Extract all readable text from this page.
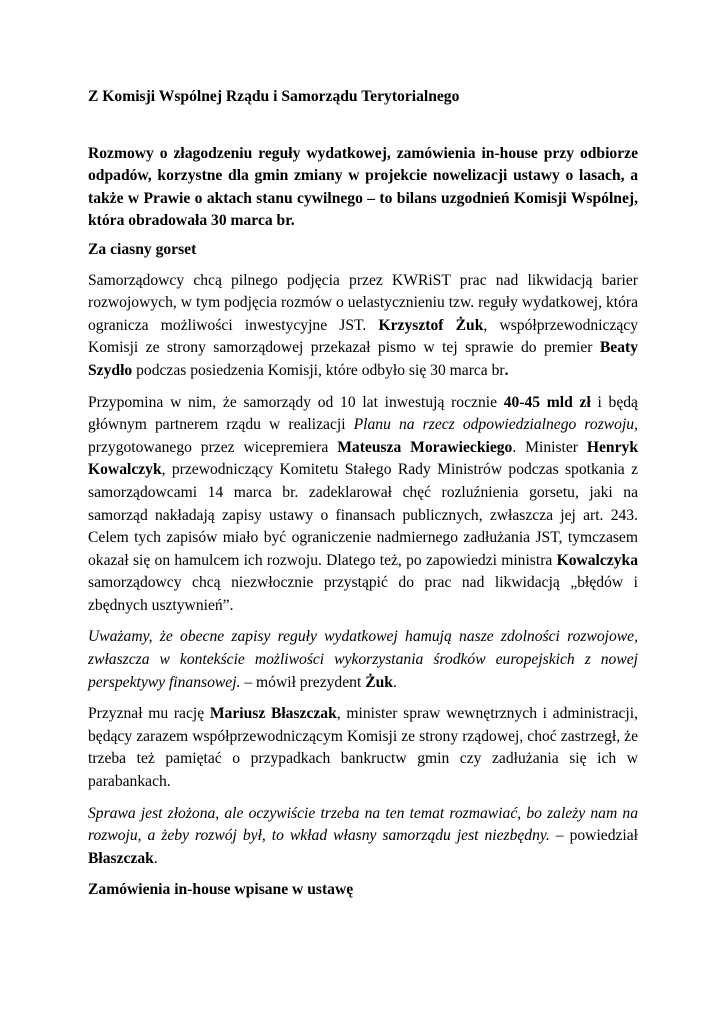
Z Komisji Wspólnej Rządu i Samorządu Terytorialnego

Rozmowy o złagodzeniu reguły wydatkowej, zamówienia in-house przy odbiorze odpadów, korzystne dla gmin zmiany w projekcie nowelizacji ustawy o lasach, a także w Prawie o aktach stanu cywilnego – to bilans uzgodnień Komisji Wspólnej, która obradowała 30 marca br.

Za ciasny gorset

Samorządowcy chcą pilnego podjęcia przez KWRiST prac nad likwidacją barier rozwojowych, w tym podjęcia rozmów o uelastycznieniu tzw. reguły wydatkowej, która ogranicza możliwości inwestycyjne JST. Krzysztof Żuk, współprzewodniczący Komisji ze strony samorządowej przekazał pismo w tej sprawie do premier Beaty Szydło podczas posiedzenia Komisji, które odbyło się 30 marca br.

Przypomina w nim, że samorządy od 10 lat inwestują rocznie 40-45 mld zł i będą głównym partnerem rządu w realizacji Planu na rzecz odpowiedzialnego rozwoju, przygotowanego przez wicepremiera Mateusza Morawieckiego. Minister Henryk Kowalczyk, przewodniczący Komitetu Stałego Rady Ministrów podczas spotkania z samorządowcami 14 marca br. zadeklarował chęć rozluźnienia gorsetu, jaki na samorząd nakładają zapisy ustawy o finansach publicznych, zwłaszcza jej art. 243. Celem tych zapisów miało być ograniczenie nadmiernego zadłużania JST, tymczasem okazał się on hamulcem ich rozwoju. Dlatego też, po zapowiedzi ministra Kowalczyka samorządowcy chcą niezwłocznie przystąpić do prac nad likwidacją „błędów i zbędnych usztywnień”.

Uważamy, że obecne zapisy reguły wydatkowej hamują nasze zdolności rozwojowe, zwłaszcza w kontekście możliwości wykorzystania środków europejskich z nowej perspektywy finansowej. – mówił prezydent Żuk.

Przyznał mu rację Mariusz Błaszczak, minister spraw wewnętrznych i administracji, będący zarazem współprzewodniczącym Komisji ze strony rządowej, choć zastrzegł, że trzeba też pamiętać o przypadkach bankructw gmin czy zadłużania się ich w parabankach.

Sprawa jest złożona, ale oczywiście trzeba na ten temat rozmawiać, bo zależy nam na rozwoju, a żeby rozwój był, to wkład własny samorządu jest niezbędny. – powiedział Błaszczak.

Zamówienia in-house wpisane w ustawę
